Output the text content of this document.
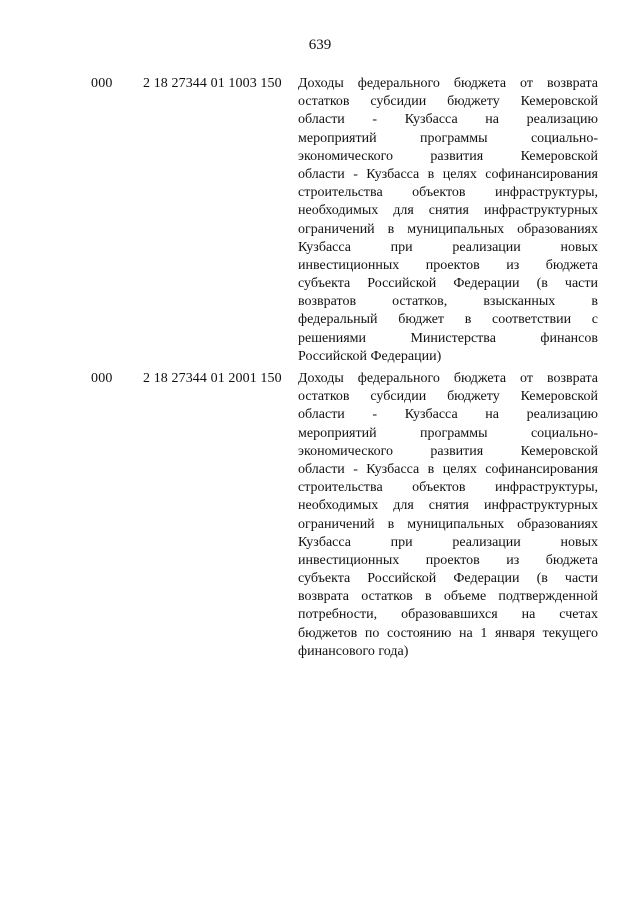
639
000 2 18 27344 01 1003 150 Доходы федерального бюджета от возврата
остатков субсидии бюджету Кемеровской
области - Кузбасса на реализацию
мероприятий программы социально-
экономического развития Кемеровской
области - Кузбасса в целях софинансирования
строительства объектов инфраструктуры,
необходимых для снятия инфраструктурных
ограничений в муниципальных образованиях
Кузбасса при реализации новых
инвестиционных проектов из бюджета
субъекта Российской Федерации (в части
возвратов остатков, взысканных в
федеральный бюджет в соответствии с
решениями Министерства финансов
Российской Федерации)
000 2 18 27344 01 2001 150 Доходы федерального бюджета от возврата
остатков субсидии бюджету Кемеровской
области - Кузбасса на реализацию
мероприятий программы социально-
экономического развития Кемеровской
области - Кузбасса в целях софинансирования
строительства объектов инфраструктуры,
необходимых для снятия инфраструктурных
ограничений в муниципальных образованиях
Кузбасса при реализации новых
инвестиционных проектов из бюджета
субъекта Российской Федерации (в части
возврата остатков в объеме подтвержденной
потребности, образовавшихся на счетах
бюджетов по состоянию на 1 января текущего
финансового года)
